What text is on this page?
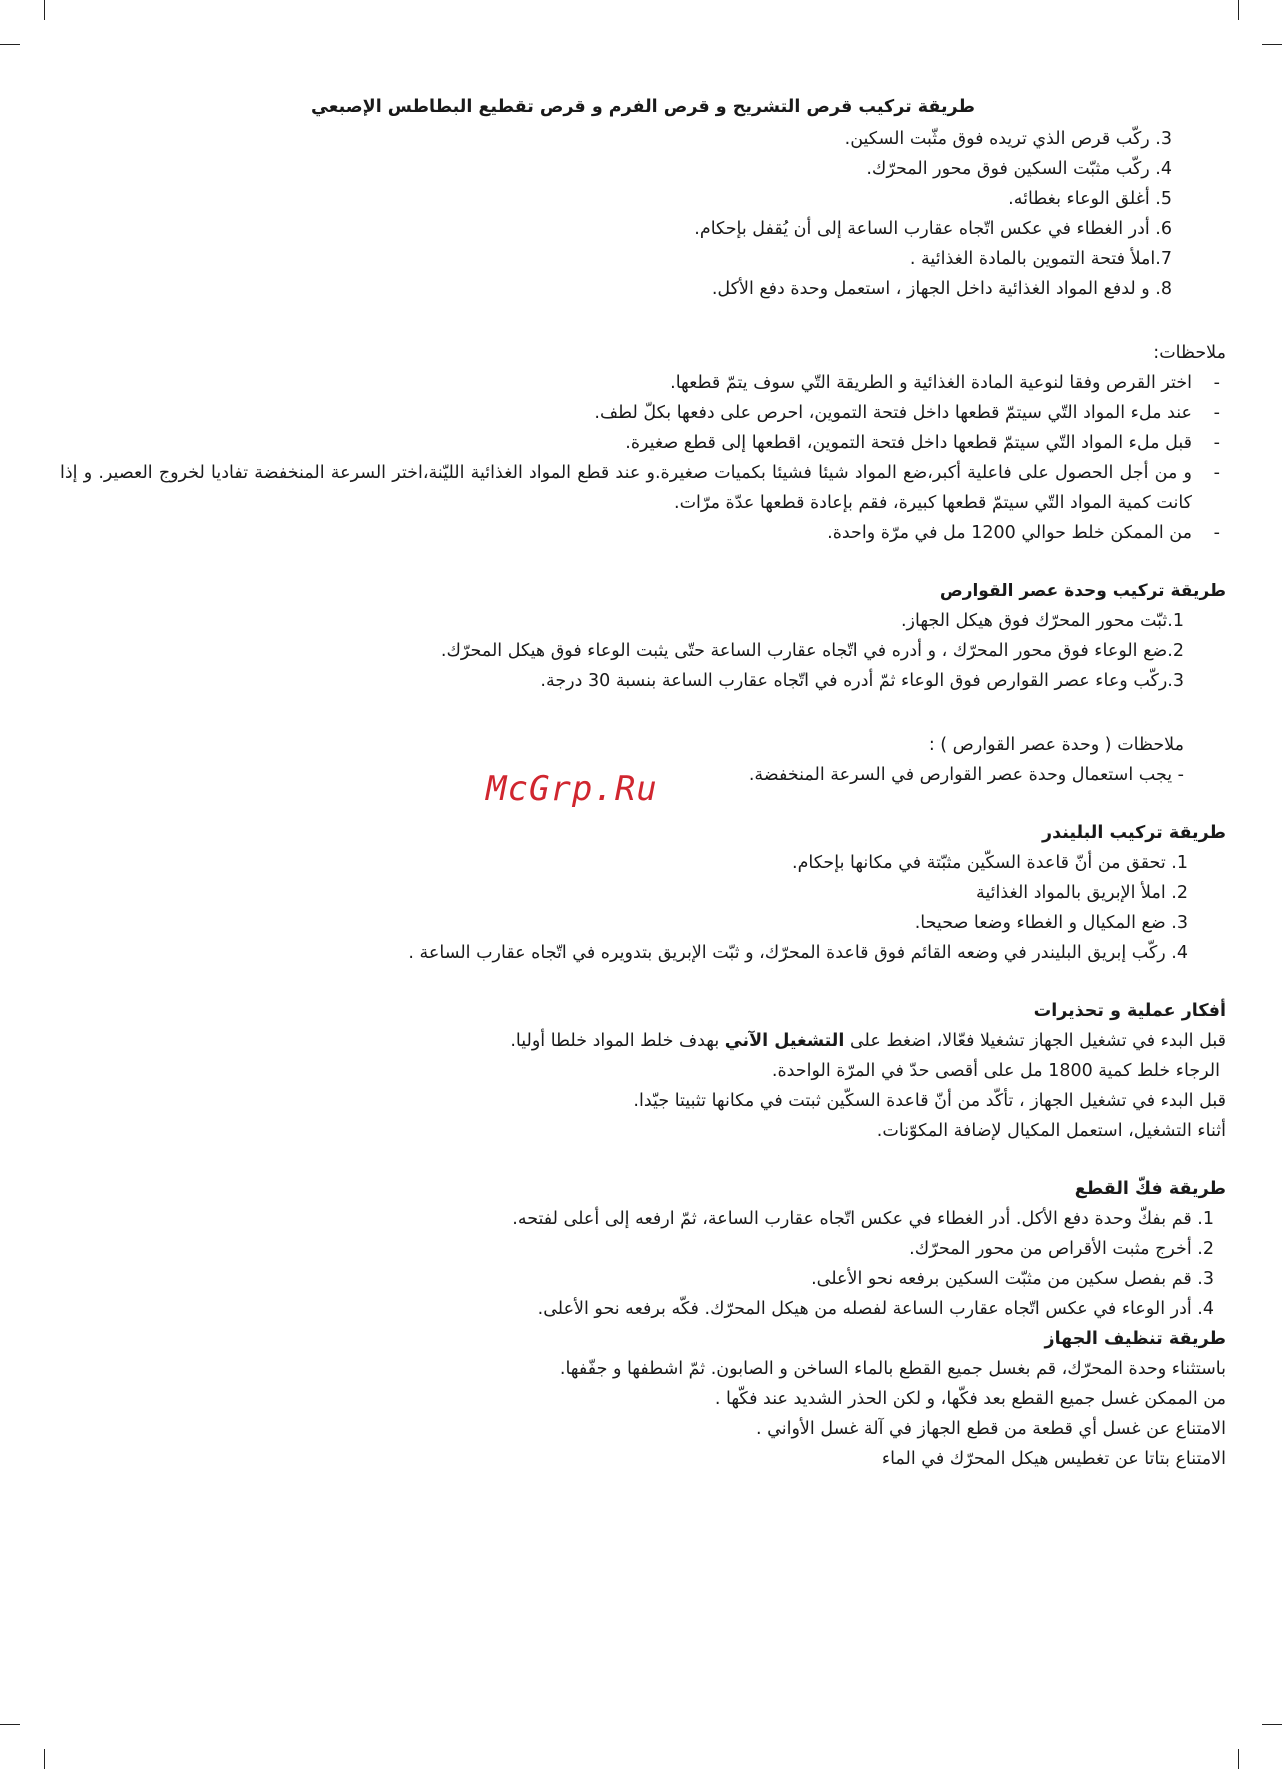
McGrp.Ru

طريقة تركيب قرص التشريح و قرص الفرم و قرص تقطيع البطاطس الإصبعي

3. ركّب قرص الذي تريده فوق مثّبت السكين.
4. ركّب مثبّت السكين فوق محور المحرّك.
5. أغلق الوعاء بغطائه.
6. أدر الغطاء في عكس اتّجاه عقارب الساعة إلى أن يُقفل بإحكام.
7.املأ فتحة التموين بالمادة الغذائية .
8. و لدفع المواد الغذائية داخل الجهاز ، استعمل وحدة دفع الأكل.

ملاحظات:

- اختر القرص وفقا لنوعية المادة الغذائية و الطريقة التّي سوف يتمّ قطعها.
- عند ملء المواد التّي سيتمّ قطعها داخل فتحة التموين، احرص على دفعها بكلّ لطف.
- قبل ملء المواد التّي سيتمّ قطعها داخل فتحة التموين، اقطعها إلى قطع صغيرة.
- و من أجل الحصول على فاعلية أكبر،ضع المواد شيئا فشيئا بكميات صغيرة.و عند قطع المواد الغذائية الليّنة،اختر السرعة المنخفضة تفاديا لخروج العصير. و إذا كانت كمية المواد التّي سيتمّ قطعها كبيرة، فقم بإعادة قطعها عدّة مرّات.
- من الممكن خلط حوالي 1200 مل في مرّة واحدة.

طريقة تركيب وحدة عصر القوارص

1.ثبّت محور المحرّك فوق هيكل الجهاز.
2.ضع الوعاء فوق محور المحرّك ، و أدره في اتّجاه عقارب الساعة حتّى يثبت الوعاء فوق هيكل المحرّك.
3.ركّب وعاء عصر القوارص فوق الوعاء ثمّ أدره في اتّجاه عقارب الساعة بنسبة 30 درجة.

ملاحظات ( وحدة عصر القوارص ) :

- يجب استعمال وحدة عصر القوارص في السرعة المنخفضة.

طريقة تركيب البليندر

1. تحقق من أنّ قاعدة السكّين مثبّتة في مكانها بإحكام.
2. املأ الإبريق بالمواد الغذائية
3. ضع المكيال و الغطاء وضعا صحيحا.
4. ركّب إبريق البليندر في وضعه القائم فوق قاعدة المحرّك، و ثبّت الإبريق بتدويره في اتّجاه عقارب الساعة .

أفكار عملية و تحذيرات

قبل البدء في تشغيل الجهاز تشغيلا فعّالا، اضغط على التشغيل الآني بهدف خلط المواد خلطا أوليا.

الرجاء خلط كمية 1800 مل على أقصى حدّ في المرّة الواحدة.

قبل البدء في تشغيل الجهاز ، تأكّد من أنّ قاعدة السكّين ثبتت في مكانها تثبيتا جيّدا.

أثناء التشغيل، استعمل المكيال لإضافة المكوّنات.

طريقة فكّ القطع

1. قم بفكّ وحدة دفع الأكل. أدر الغطاء في عكس اتّجاه عقارب الساعة، ثمّ ارفعه إلى أعلى لفتحه.
2. أخرج مثبت الأقراص من محور المحرّك.
3. قم بفصل سكين من مثبّت السكين برفعه نحو الأعلى.
4. أدر الوعاء في عكس اتّجاه عقارب الساعة لفصله من هيكل المحرّك. فكّه برفعه نحو الأعلى.

طريقة تنظيف الجهاز

باستثناء وحدة المحرّك، قم بغسل جميع القطع بالماء الساخن و الصابون. ثمّ اشطفها و جفّفها.

من الممكن غسل جميع القطع بعد فكّها، و لكن الحذر الشديد عند فكّها .

الامتناع عن غسل أي قطعة من قطع الجهاز في آلة غسل الأواني .

الامتناع بتاتا عن تغطيس هيكل المحرّك في الماء
